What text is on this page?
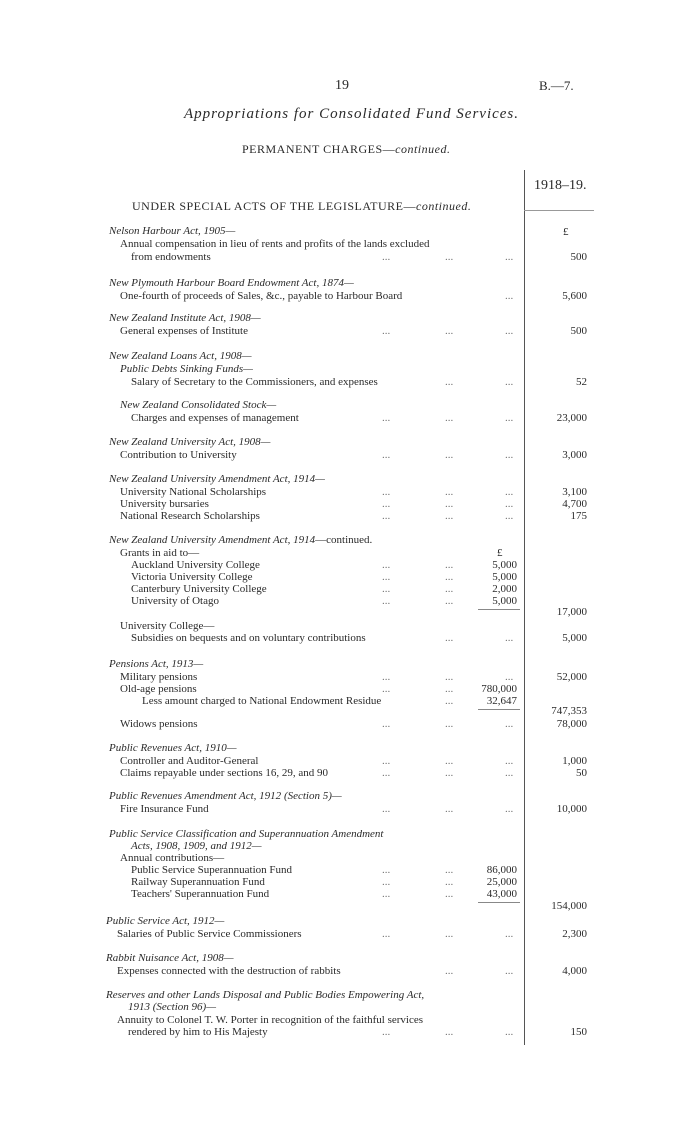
19	B.—7.
Appropriations for Consolidated Fund Services.
PERMANENT CHARGES—continued.
1918–19.
UNDER SPECIAL ACTS OF THE LEGISLATURE—continued.
£
Nelson Harbour Act, 1905—
Annual compensation in lieu of rents and profits of the lands excluded
from endowments	...	...	...	500
New Plymouth Harbour Board Endowment Act, 1874—
One-fourth of proceeds of Sales, &c., payable to Harbour Board	...	5,600
New Zealand Institute Act, 1908—
General expenses of Institute	...	...	...	500
New Zealand Loans Act, 1908—
Public Debts Sinking Funds—
Salary of Secretary to the Commissioners, and expenses	...	...	52
New Zealand Consolidated Stock—
Charges and expenses of management	...	...	...	23,000
New Zealand University Act, 1908—
Contribution to University	...	...	...	3,000
New Zealand University Amendment Act, 1914—
University National Scholarships	...	...	...	3,100
University bursaries	...	...	...	4,700
National Research Scholarships	...	...	...	175
New Zealand University Amendment Act, 1914—continued.
Grants in aid to—	£
Auckland University College	...	...	5,000
Victoria University College	...	...	5,000
Canterbury University College	...	...	2,000
University of Otago	...	...	5,000
17,000
University College—
Subsidies on bequests and on voluntary contributions	...	...	5,000
Pensions Act, 1913—
Military pensions	...	...	...	52,000
Old-age pensions	...	...	780,000
Less amount charged to National Endowment Residue	...	32,647
747,353
Widows pensions	...	...	...	78,000
Public Revenues Act, 1910—
Controller and Auditor-General	...	...	...	1,000
Claims repayable under sections 16, 29, and 90	...	...	...	50
Public Revenues Amendment Act, 1912 (Section 5)—
Fire Insurance Fund	...	...	...	10,000
Public Service Classification and Superannuation Amendment
Acts, 1908, 1909, and 1912—
Annual contributions—
Public Service Superannuation Fund	...	...	86,000
Railway Superannuation Fund	...	...	25,000
Teachers' Superannuation Fund	...	...	43,000
154,000
Public Service Act, 1912—
Salaries of Public Service Commissioners	...	...	...	2,300
Rabbit Nuisance Act, 1908—
Expenses connected with the destruction of rabbits	...	...	4,000
Reserves and other Lands Disposal and Public Bodies Empowering Act,
1913 (Section 96)—
Annuity to Colonel T. W. Porter in recognition of the faithful services
rendered by him to His Majesty	...	...	...	150
